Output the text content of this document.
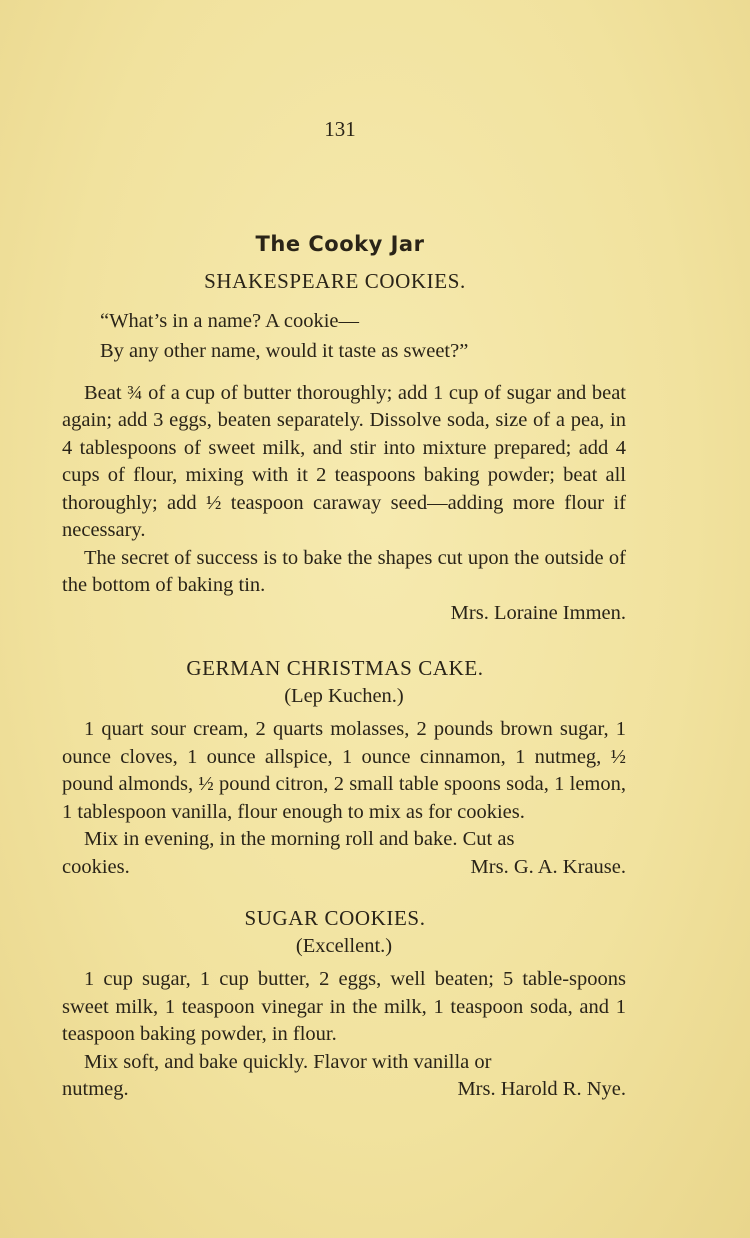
131
The Cooky Jar
SHAKESPEARE COOKIES.
“What’s in a name? A cookie—
By any other name, would it taste as sweet?”

Beat ¾ of a cup of butter thoroughly; add 1 cup of sugar and beat again; add 3 eggs, beaten separately. Dissolve soda, size of a pea, in 4 tablespoons of sweet milk, and stir into mixture prepared; add 4 cups of flour, mixing with it 2 teaspoons baking powder; beat all thoroughly; add ½ teaspoon caraway seed—adding more flour if necessary.

The secret of success is to bake the shapes cut upon the outside of the bottom of baking tin.

Mrs. Loraine Immen.

GERMAN CHRISTMAS CAKE.
(Lep Kuchen.)

1 quart sour cream, 2 quarts molasses, 2 pounds brown sugar, 1 ounce cloves, 1 ounce allspice, 1 ounce cinnamon, 1 nutmeg, ½ pound almonds, ½ pound citron, 2 small table spoons soda, 1 lemon, 1 tablespoon vanilla, flour enough to mix as for cookies.

Mix in evening, in the morning roll and bake. Cut as

cookies.	Mrs. G. A. Krause.
SUGAR COOKIES.
(Excellent.)

1 cup sugar, 1 cup butter, 2 eggs, well beaten; 5 table-spoons sweet milk, 1 teaspoon vinegar in the milk, 1 teaspoon soda, and 1 teaspoon baking powder, in flour.

Mix soft, and bake quickly. Flavor with vanilla or

nutmeg.	Mrs. Harold R. Nye.
